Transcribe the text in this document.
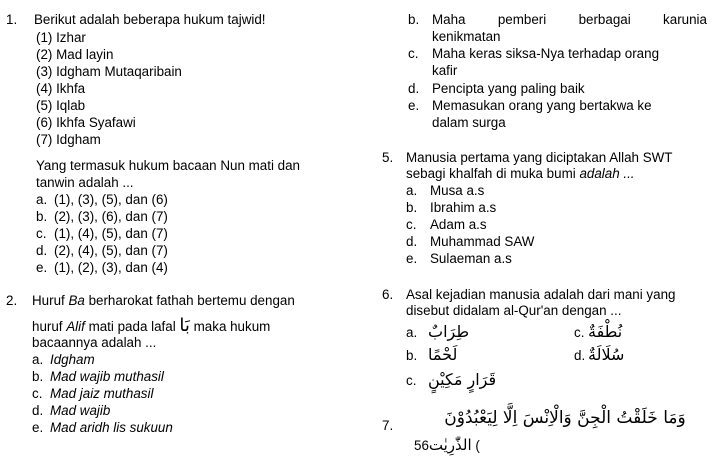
1. Berikut adalah beberapa hukum tajwid!
(1) Izhar
(2) Mad layin
(3) Idgham Mutaqaribain
(4) Ikhfa
(5) Iqlab
(6) Ikhfa Syafawi
(7) Idgham
Yang termasuk hukum bacaan Nun mati dan
tanwin adalah ...
a. (1), (3), (5), dan (6)
b. (2), (3), (6), dan (7)
c. (1), (4), (5), dan (7)
d. (2), (4), (5), dan (7)
e. (1), (2), (3), dan (4)
2. Huruf Ba berharokat fathah bertemu dengan
huruf Alif mati pada lafal بَا maka hukum
bacaannya adalah ...
a. Idgham
b. Mad wajib muthasil
c. Mad jaiz muthasil
d. Mad wajib
e. Mad aridh lis sukuun
b. Maha pemberi berbagai karunia
kenikmatan
c. Maha keras siksa-Nya terhadap orang
kafir
d. Pencipta yang paling baik
e. Memasukan orang yang bertakwa ke
dalam surga
5. Manusia pertama yang diciptakan Allah SWT
sebagi khalfah di muka bumi adalah ...
a. Musa a.s
b. Ibrahim a.s
c. Adam a.s
d. Muhammad SAW
e. Sulaeman a.s
6. Asal kejadian manusia adalah dari mani yang
disebut didalam al-Qur'an dengan ...
a. طِرَابٌ	c. نُطْفَةٌ
b. لَحْمًا	d. سُلَالَةٌ
c. قَرَارٍ مَكِيْنٍ
7.	وَمَا خَلَقْتُ الْجِنَّ وَالْاِنْسَ اِلَّا لِيَعْبُدُوْنَ
الذّٰرِيٰت56	(
